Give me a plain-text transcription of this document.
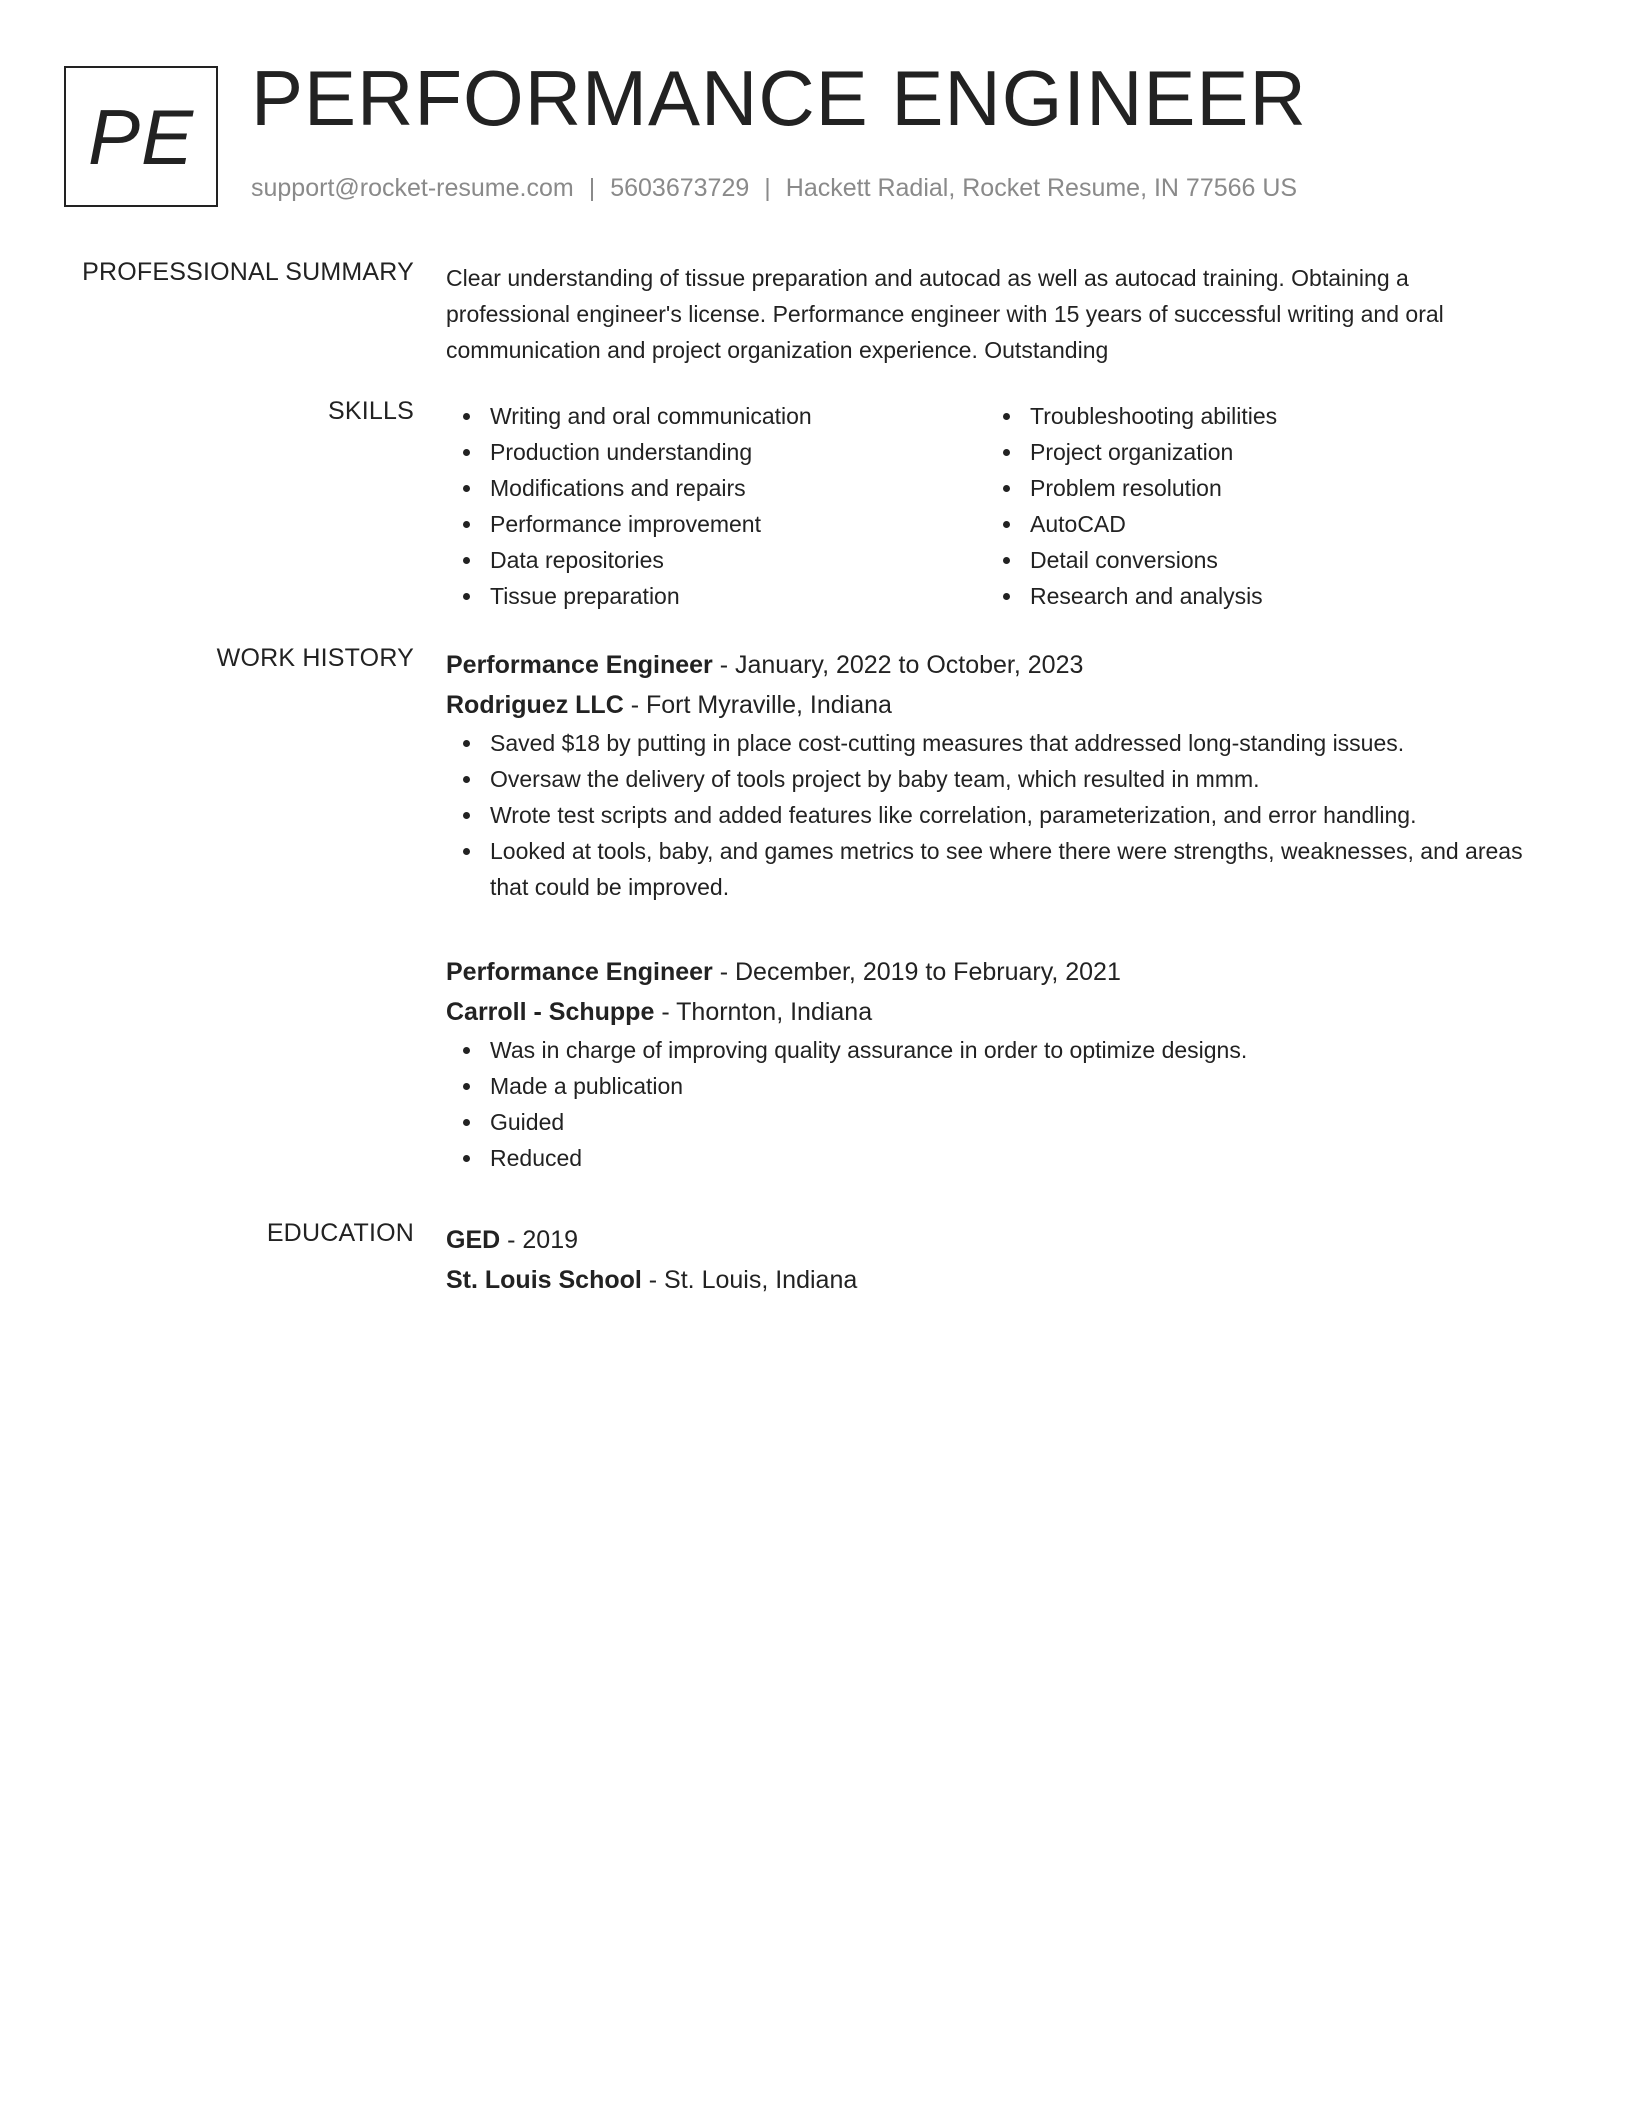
PE PERFORMANCE ENGINEER
support@rocket-resume.com | 5603673729 | Hackett Radial, Rocket Resume, IN 77566 US
PROFESSIONAL SUMMARY Clear understanding of tissue preparation and autocad as well as autocad training. Obtaining a professional engineer's license. Performance engineer with 15 years of successful writing and oral communication and project organization experience. Outstanding
SKILLS	Writing and oral communication
Production understanding
Modifications and repairs
Performance improvement
Data repositories
Tissue preparation
Troubleshooting abilities
Project organization
Problem resolution
AutoCAD
Detail conversions
Research and analysis
WORK HISTORY Performance Engineer - January, 2022 to October, 2023
Rodriguez LLC - Fort Myraville, Indiana
Saved $18 by putting in place cost-cutting measures that addressed long-standing issues.
Oversaw the delivery of tools project by baby team, which resulted in mmm.
Wrote test scripts and added features like correlation, parameterization, and error handling.
Looked at tools, baby, and games metrics to see where there were strengths, weaknesses, and areas that could be improved.
Performance Engineer - December, 2019 to February, 2021
Carroll - Schuppe - Thornton, Indiana
Was in charge of improving quality assurance in order to optimize designs.
Made a publication
Guided
Reduced
EDUCATION GED - 2019
St. Louis School - St. Louis, Indiana
